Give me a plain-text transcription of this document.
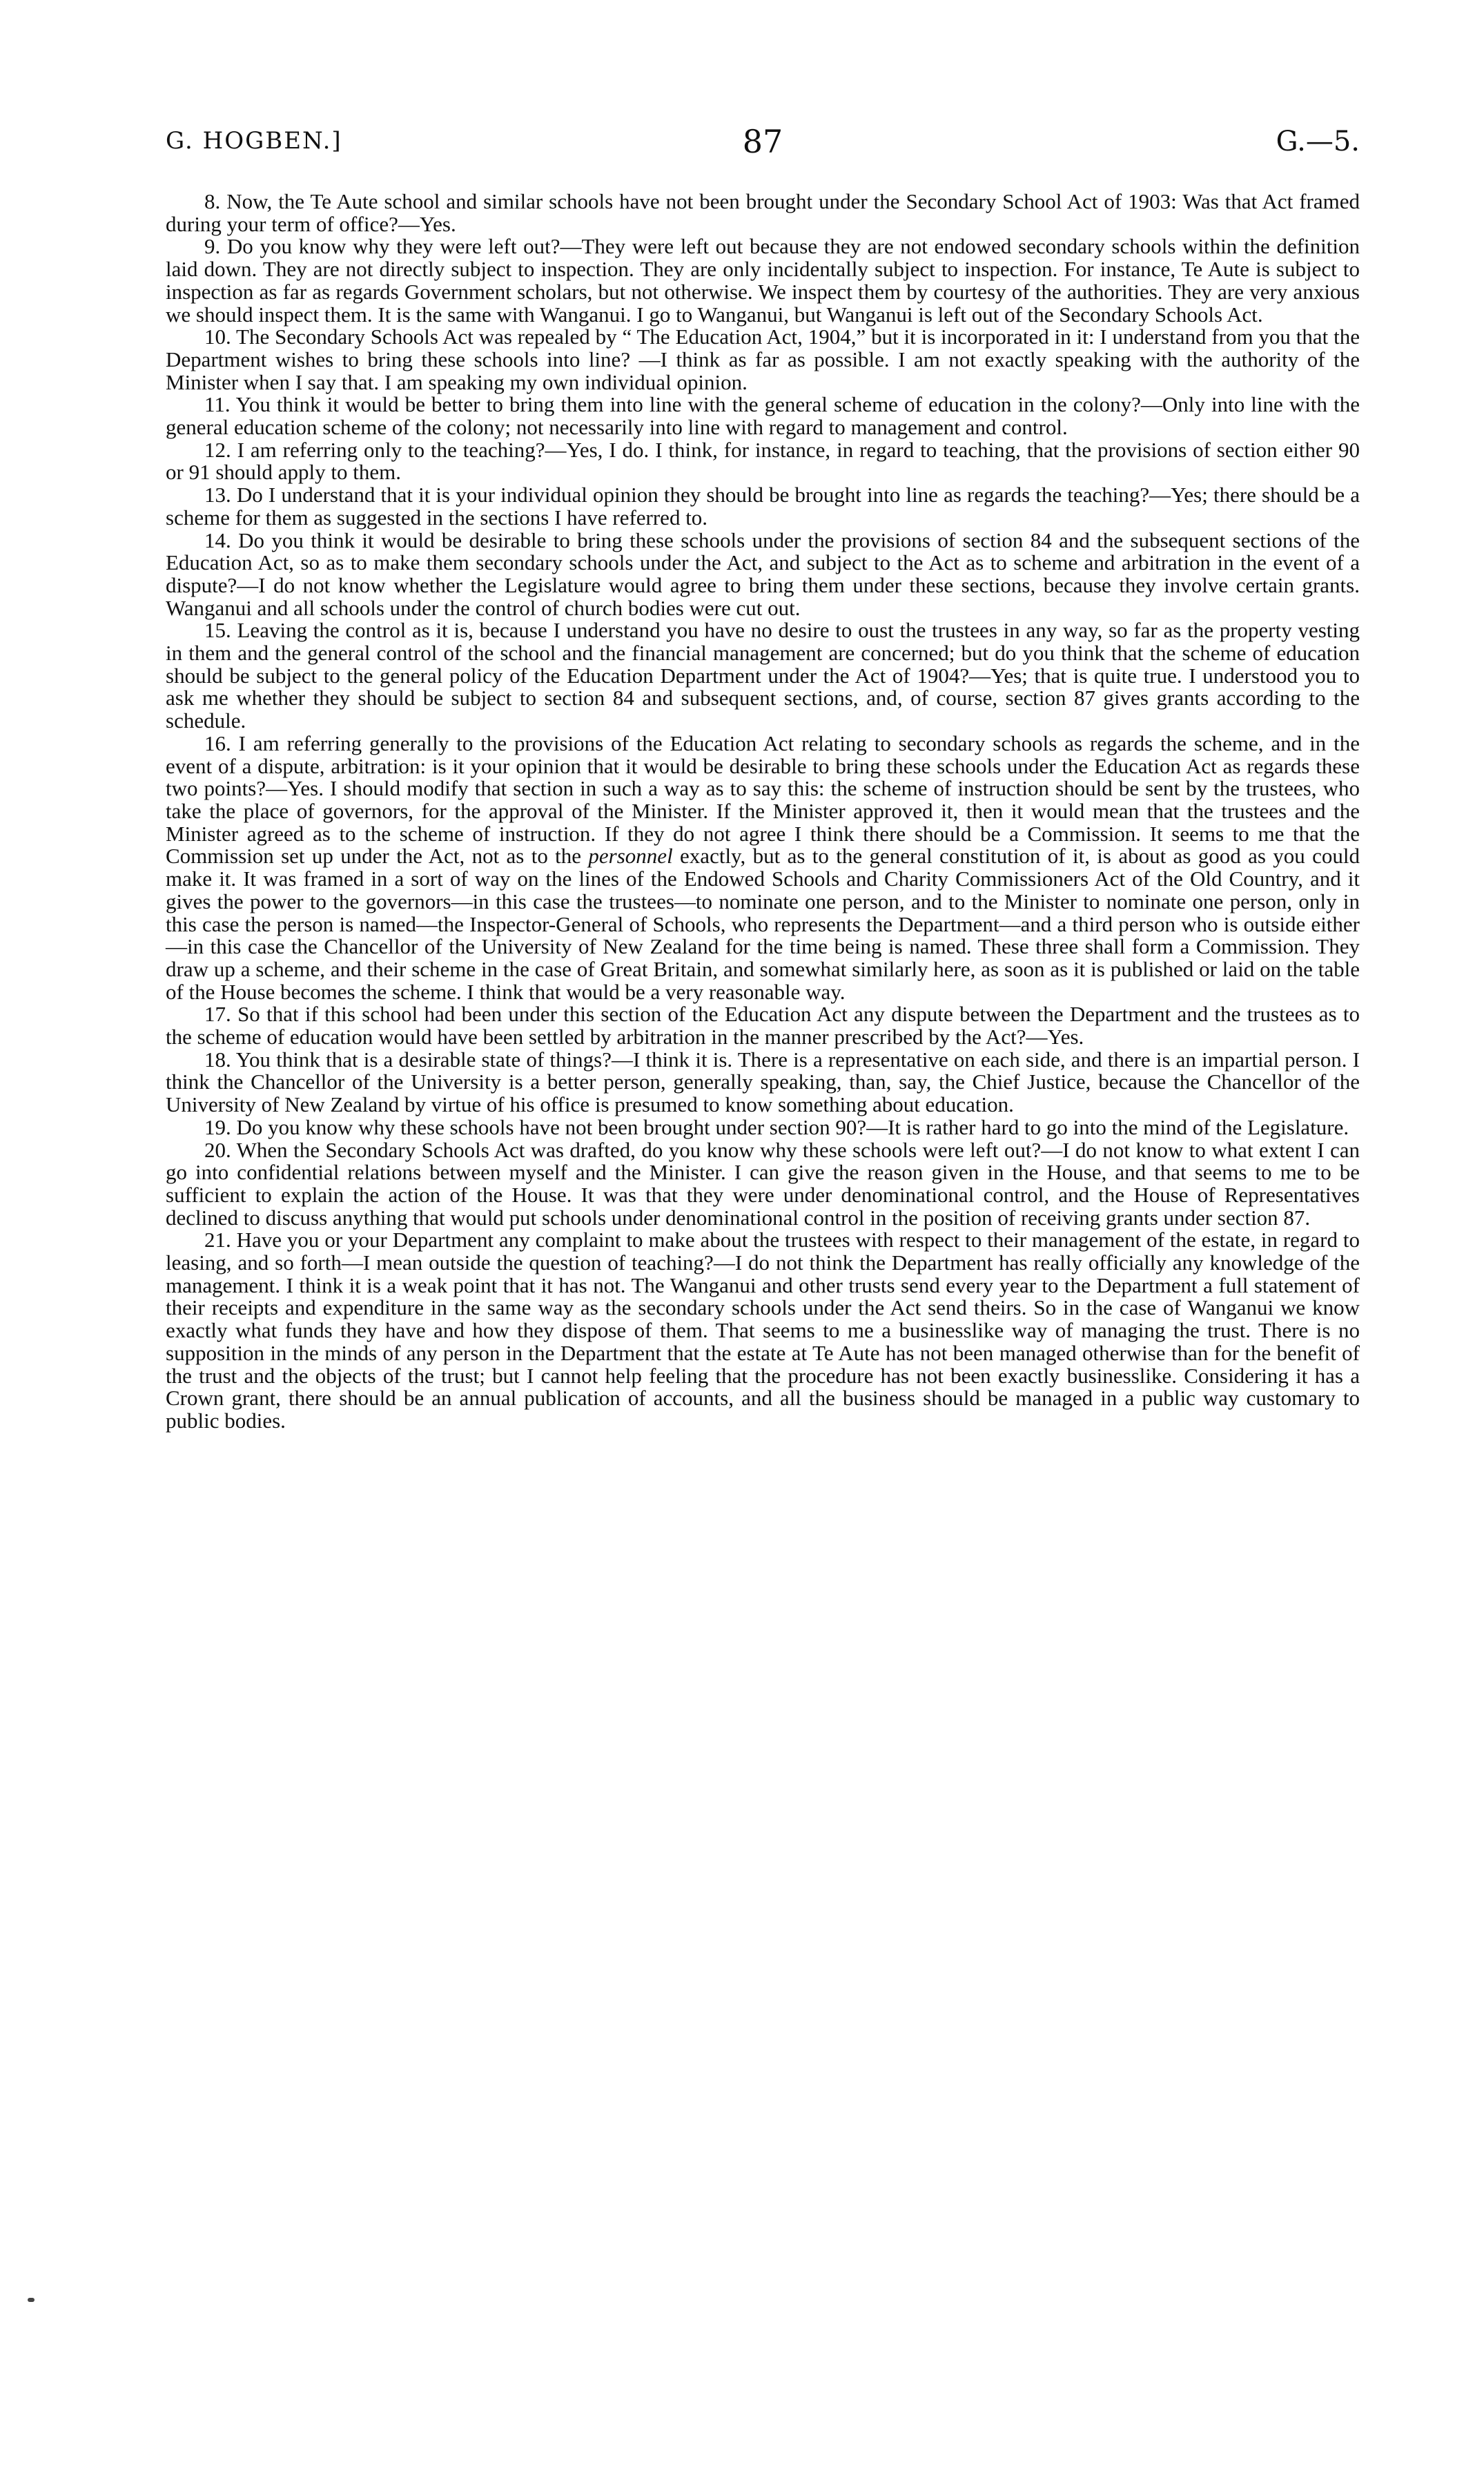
G. HOGBEN.]	87	G.—5.

8. Now, the Te Aute school and similar schools have not been brought under the Secondary School Act of 1903: Was that Act framed during your term of office?—Yes.

9. Do you know why they were left out?—They were left out because they are not endowed secondary schools within the definition laid down. They are not directly subject to inspection. They are only incidentally subject to inspection. For instance, Te Aute is subject to inspection as far as regards Government scholars, but not otherwise. We inspect them by courtesy of the authorities. They are very anxious we should inspect them. It is the same with Wanganui. I go to Wanganui, but Wanganui is left out of the Secondary Schools Act.

10. The Secondary Schools Act was repealed by “ The Education Act, 1904,” but it is incorporated in it: I understand from you that the Department wishes to bring these schools into line? —I think as far as possible. I am not exactly speaking with the authority of the Minister when I say that. I am speaking my own individual opinion.

11. You think it would be better to bring them into line with the general scheme of education in the colony?—Only into line with the general education scheme of the colony; not necessarily into line with regard to management and control.

12. I am referring only to the teaching?—Yes, I do. I think, for instance, in regard to teaching, that the provisions of section either 90 or 91 should apply to them.

13. Do I understand that it is your individual opinion they should be brought into line as regards the teaching?—Yes; there should be a scheme for them as suggested in the sections I have referred to.

14. Do you think it would be desirable to bring these schools under the provisions of section 84 and the subsequent sections of the Education Act, so as to make them secondary schools under the Act, and subject to the Act as to scheme and arbitration in the event of a dispute?—I do not know whether the Legislature would agree to bring them under these sections, because they involve certain grants. Wanganui and all schools under the control of church bodies were cut out.

15. Leaving the control as it is, because I understand you have no desire to oust the trustees in any way, so far as the property vesting in them and the general control of the school and the financial management are concerned; but do you think that the scheme of education should be subject to the general policy of the Education Department under the Act of 1904?—Yes; that is quite true. I understood you to ask me whether they should be subject to section 84 and subsequent sections, and, of course, section 87 gives grants according to the schedule.

16. I am referring generally to the provisions of the Education Act relating to secondary schools as regards the scheme, and in the event of a dispute, arbitration: is it your opinion that it would be desirable to bring these schools under the Education Act as regards these two points?—Yes. I should modify that section in such a way as to say this: the scheme of instruction should be sent by the trustees, who take the place of governors, for the approval of the Minister. If the Minister approved it, then it would mean that the trustees and the Minister agreed as to the scheme of instruction. If they do not agree I think there should be a Commission. It seems to me that the Commission set up under the Act, not as to the personnel exactly, but as to the general constitution of it, is about as good as you could make it. It was framed in a sort of way on the lines of the Endowed Schools and Charity Commissioners Act of the Old Country, and it gives the power to the governors—in this case the trustees—to nominate one person, and to the Minister to nominate one person, only in this case the person is named—the Inspector-General of Schools, who represents the Department—and a third person who is outside either—in this case the Chancellor of the University of New Zealand for the time being is named. These three shall form a Commission. They draw up a scheme, and their scheme in the case of Great Britain, and somewhat similarly here, as soon as it is published or laid on the table of the House becomes the scheme. I think that would be a very reasonable way.

17. So that if this school had been under this section of the Education Act any dispute between the Department and the trustees as to the scheme of education would have been settled by arbitration in the manner prescribed by the Act?—Yes.

18. You think that is a desirable state of things?—I think it is. There is a representative on each side, and there is an impartial person. I think the Chancellor of the University is a better person, generally speaking, than, say, the Chief Justice, because the Chancellor of the University of New Zealand by virtue of his office is presumed to know something about education.

19. Do you know why these schools have not been brought under section 90?—It is rather hard to go into the mind of the Legislature.

20. When the Secondary Schools Act was drafted, do you know why these schools were left out?—I do not know to what extent I can go into confidential relations between myself and the Minister. I can give the reason given in the House, and that seems to me to be sufficient to explain the action of the House. It was that they were under denominational control, and the House of Representatives declined to discuss anything that would put schools under denominational control in the position of receiving grants under section 87.

21. Have you or your Department any complaint to make about the trustees with respect to their management of the estate, in regard to leasing, and so forth—I mean outside the question of teaching?—I do not think the Department has really officially any knowledge of the management. I think it is a weak point that it has not. The Wanganui and other trusts send every year to the Department a full statement of their receipts and expenditure in the same way as the secondary schools under the Act send theirs. So in the case of Wanganui we know exactly what funds they have and how they dispose of them. That seems to me a businesslike way of managing the trust. There is no supposition in the minds of any person in the Department that the estate at Te Aute has not been managed otherwise than for the benefit of the trust and the objects of the trust; but I cannot help feeling that the procedure has not been exactly businesslike. Considering it has a Crown grant, there should be an annual publication of accounts, and all the business should be managed in a public way customary to public bodies.
